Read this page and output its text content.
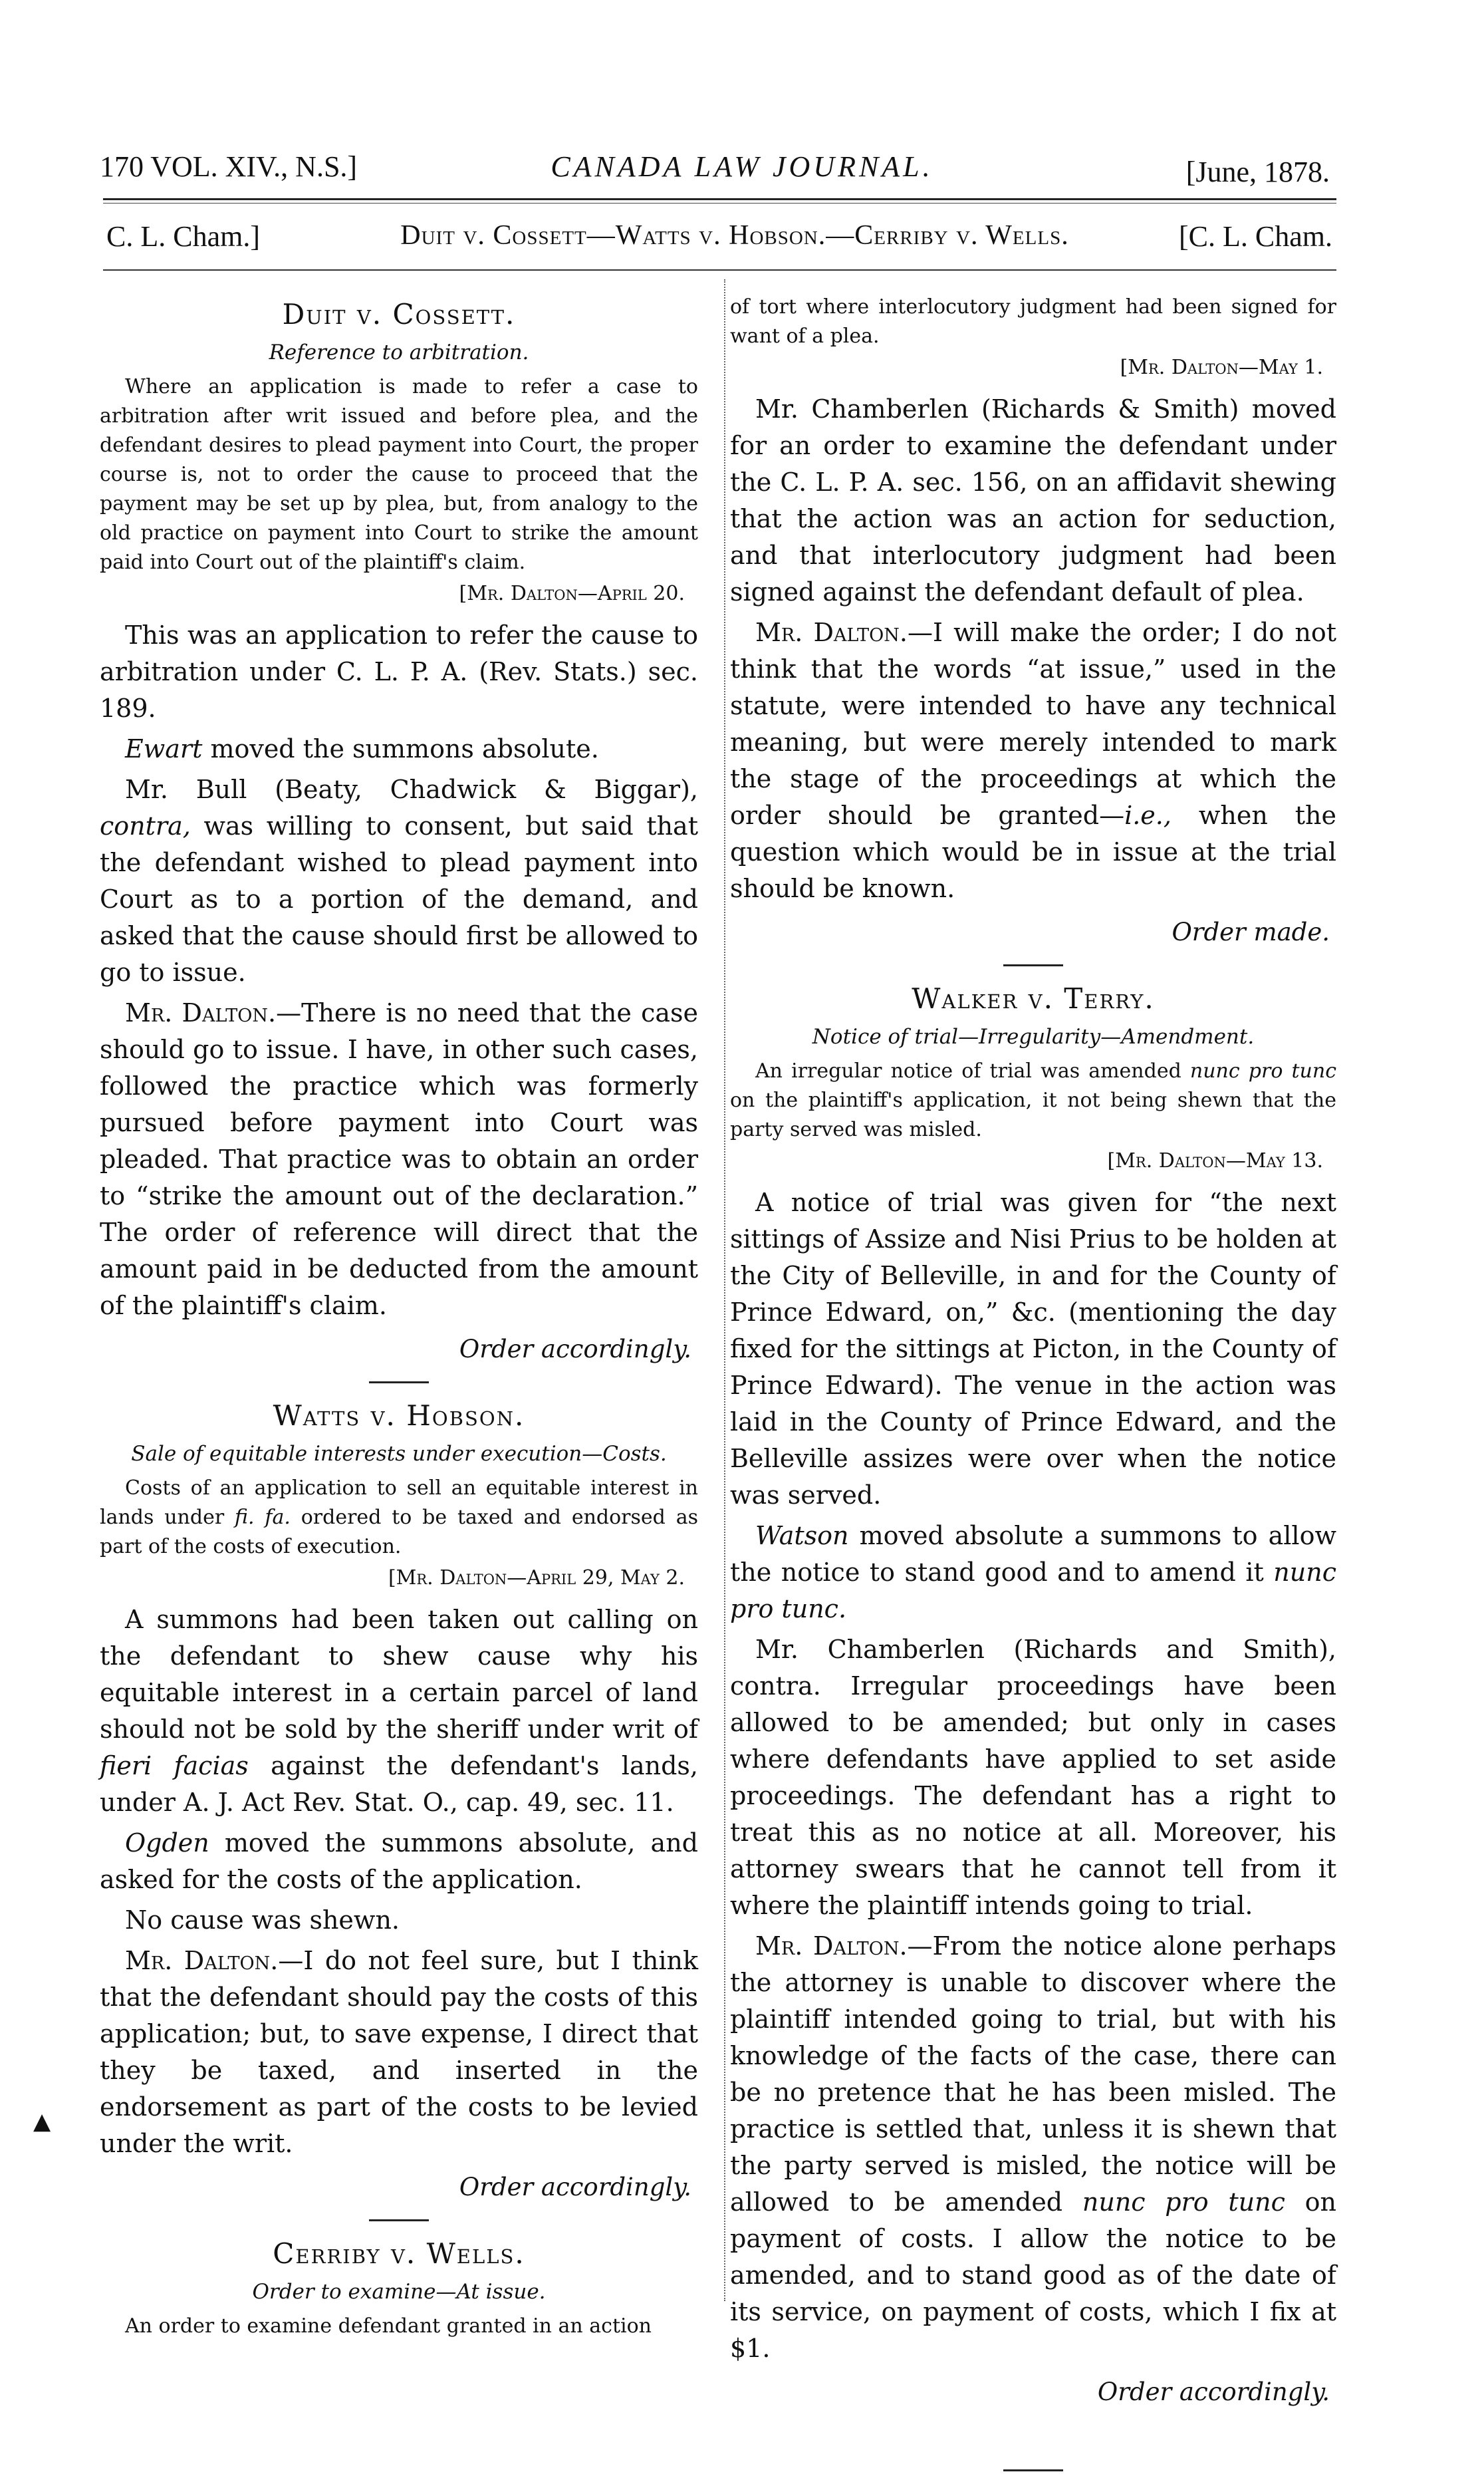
170 VOL. XIV., N.S.]	CANADA LAW JOURNAL.	[June, 1878.
C. L. Cham.]	Duit v. Cossett—Watts v. Hobson.—Cerriby v. Wells.	[C. L. Cham.
Duit v. Cossett.
Reference to arbitration.

Where an application is made to refer a case to arbitration after writ issued and before plea, and the defendant desires to plead payment into Court, the proper course is, not to order the cause to proceed that the payment may be set up by plea, but, from analogy to the old practice on payment into Court to strike the amount paid into Court out of the plaintiff's claim.

[Mr. Dalton—April 20.

This was an application to refer the cause to arbitration under C. L. P. A. (Rev. Stats.) sec. 189.

Ewart moved the summons absolute.

Mr. Bull (Beaty, Chadwick & Biggar), contra, was willing to consent, but said that the defendant wished to plead payment into Court as to a portion of the demand, and asked that the cause should first be allowed to go to issue.

Mr. Dalton.—There is no need that the case should go to issue. I have, in other such cases, followed the practice which was formerly pursued before payment into Court was pleaded. That practice was to obtain an order to “strike the amount out of the declaration.” The order of reference will direct that the amount paid in be deducted from the amount of the plaintiff's claim.

Order accordingly.
Watts v. Hobson.
Sale of equitable interests under execution—Costs.

Costs of an application to sell an equitable interest in lands under fi. fa. ordered to be taxed and endorsed as part of the costs of execution.

[Mr. Dalton—April 29, May 2.

A summons had been taken out calling on the defendant to shew cause why his equitable interest in a certain parcel of land should not be sold by the sheriff under writ of fieri facias against the defendant's lands, under A. J. Act Rev. Stat. O., cap. 49, sec. 11.

Ogden moved the summons absolute, and asked for the costs of the application.

No cause was shewn.

Mr. Dalton.—I do not feel sure, but I think that the defendant should pay the costs of this application; but, to save expense, I direct that they be taxed, and inserted in the endorsement as part of the costs to be levied under the writ.

Order accordingly.
Cerriby v. Wells.
Order to examine—At issue.

An order to examine defendant granted in an action

of tort where interlocutory judgment had been signed for want of a plea.

[Mr. Dalton—May 1.

Mr. Chamberlen (Richards & Smith) moved for an order to examine the defendant under the C. L. P. A. sec. 156, on an affidavit shewing that the action was an action for seduction, and that interlocutory judgment had been signed against the defendant default of plea.

Mr. Dalton.—I will make the order; I do not think that the words “at issue,” used in the statute, were intended to have any technical meaning, but were merely intended to mark the stage of the proceedings at which the order should be granted—i.e., when the question which would be in issue at the trial should be known.

Order made.
Walker v. Terry.
Notice of trial—Irregularity—Amendment.

An irregular notice of trial was amended nunc pro tunc on the plaintiff's application, it not being shewn that the party served was misled.

[Mr. Dalton—May 13.

A notice of trial was given for “the next sittings of Assize and Nisi Prius to be holden at the City of Belleville, in and for the County of Prince Edward, on,” &c. (mentioning the day fixed for the sittings at Picton, in the County of Prince Edward). The venue in the action was laid in the County of Prince Edward, and the Belleville assizes were over when the notice was served.

Watson moved absolute a summons to allow the notice to stand good and to amend it nunc pro tunc.

Mr. Chamberlen (Richards and Smith), contra. Irregular proceedings have been allowed to be amended; but only in cases where defendants have applied to set aside proceedings. The defendant has a right to treat this as no notice at all. Moreover, his attorney swears that he cannot tell from it where the plaintiff intends going to trial.

Mr. Dalton.—From the notice alone perhaps the attorney is unable to discover where the plaintiff intended going to trial, but with his knowledge of the facts of the case, there can be no pretence that he has been misled. The practice is settled that, unless it is shewn that the party served is misled, the notice will be allowed to be amended nunc pro tunc on payment of costs. I allow the notice to be amended, and to stand good as of the date of its service, on payment of costs, which I fix at $1.

Order accordingly.
▲
